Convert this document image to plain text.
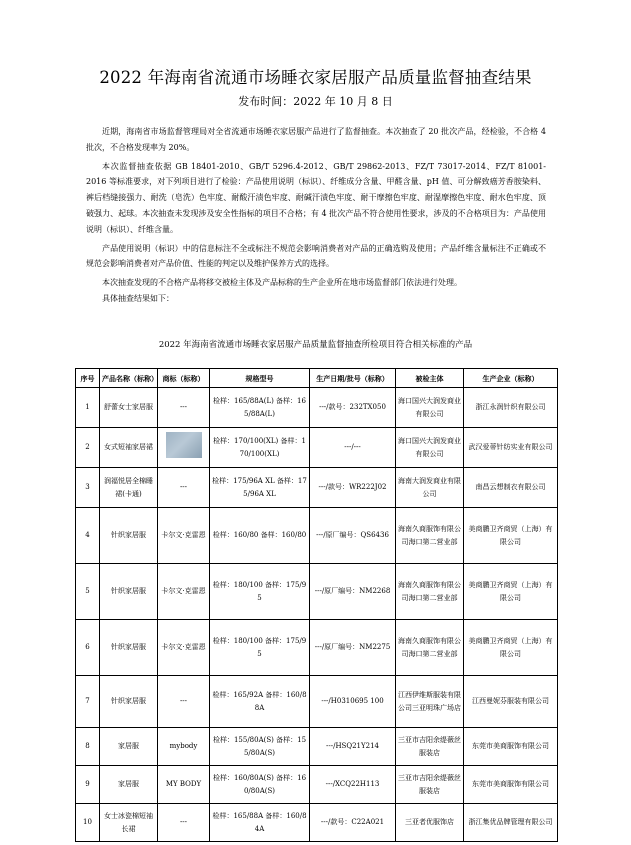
2022 年海南省流通市场睡衣家居服产品质量监督抽查结果
发布时间：2022 年 10 月 8 日

近期，海南省市场监督管理局对全省流通市场睡衣家居服产品进行了监督抽查。本次抽查了 20 批次产品，经检验，不合格 4 批次，不合格发现率为 20%。

本次监督抽查依据 GB 18401-2010、GB/T 5296.4-2012、GB/T 29862-2013、FZ/T 73017-2014、FZ/T 81001-2016 等标准要求，对下列项目进行了检验：产品使用说明（标识）、纤维成分含量、甲醛含量、pH 值、可分解致癌芳香胺染料、裤后档缝接强力、耐洗（皂洗）色牢度、耐酸汗渍色牢度、耐碱汗渍色牢度、耐干摩擦色牢度、耐湿摩擦色牢度、耐水色牢度、顶破强力、起球。本次抽查未发现涉及安全性指标的项目不合格；有 4 批次产品不符合使用性要求，涉及的不合格项目为：产品使用说明（标识）、纤维含量。

产品使用说明（标识）中的信息标注不全或标注不规范会影响消费者对产品的正确选购及使用；产品纤维含量标注不正确或不规范会影响消费者对产品价值、性能的判定以及维护保养方式的选择。

本次抽查发现的不合格产品将移交被检主体及产品标称的生产企业所在地市场监督部门依法进行处理。

具体抽查结果如下：

2022 年海南省流通市场睡衣家居服产品质量监督抽查所检项目符合相关标准的产品
序号	产品名称（标称）	商标（标称）	规格型号	生产日期/批号（标称）	被检主体	生产企业（标称）
1	舒蕾女士家居服	---	检样：165/88A(L) 备样：165/88A(L)	---/款号：232TX050	海口国兴大润发商业有限公司	浙江永润针织有限公司
2	女式短袖家居裙		检样：170/100(XL) 备样：170/100(XL)	---/---	海口国兴大润发商业有限公司	武汉爱蒂针纺实业有限公司
3	润福悦居全棉睡裙(卡通)	---	检样：175/96A XL 备样：175/96A XL	---/款号：WR222J02	海南大润发商业有限公司	南昌云想制衣有限公司
4	针织家居服	卡尔文·克雷恩	检样：160/80 备样：160/80	---/原厂编号：QS6436	海南久商服饰有限公司海口第二营业部	美商鹏卫齐商贸（上海）有限公司
5	针织家居服	卡尔文·克雷恩	检样：180/100 备样：175/95	---/原厂编号：NM2268	海南久商服饰有限公司海口第二营业部	美商鹏卫齐商贸（上海）有限公司
6	针织家居服	卡尔文·克雷恩	检样：180/100 备样：175/95	---/原厂编号：NM2275	海南久商服饰有限公司海口第二营业部	美商鹏卫齐商贸（上海）有限公司
7	针织家居服	---	检样：165/92A 备样：160/88A	---/H0310695 100	江西伊维斯服装有限公司三亚明珠广场店	江西曼妮芬服装有限公司
8	家居服	mybody	检样：155/80A(S) 备样：155/80A(S)	---/HSQ21Y214	三亚市吉阳余缇薇丝服装店	东莞市美商服饰有限公司
9	家居服	MY BODY	检样：160/80A(S) 备样：160/80A(S)	---/XCQ22H113	三亚市吉阳余缇薇丝服装店	东莞市美商服饰有限公司
10	女士冰瓷棉短袖长裙	---	检样：165/88A 备样：160/84A	---/款号：C22A021	三亚者优服饰店	浙江集优品牌管理有限公司
